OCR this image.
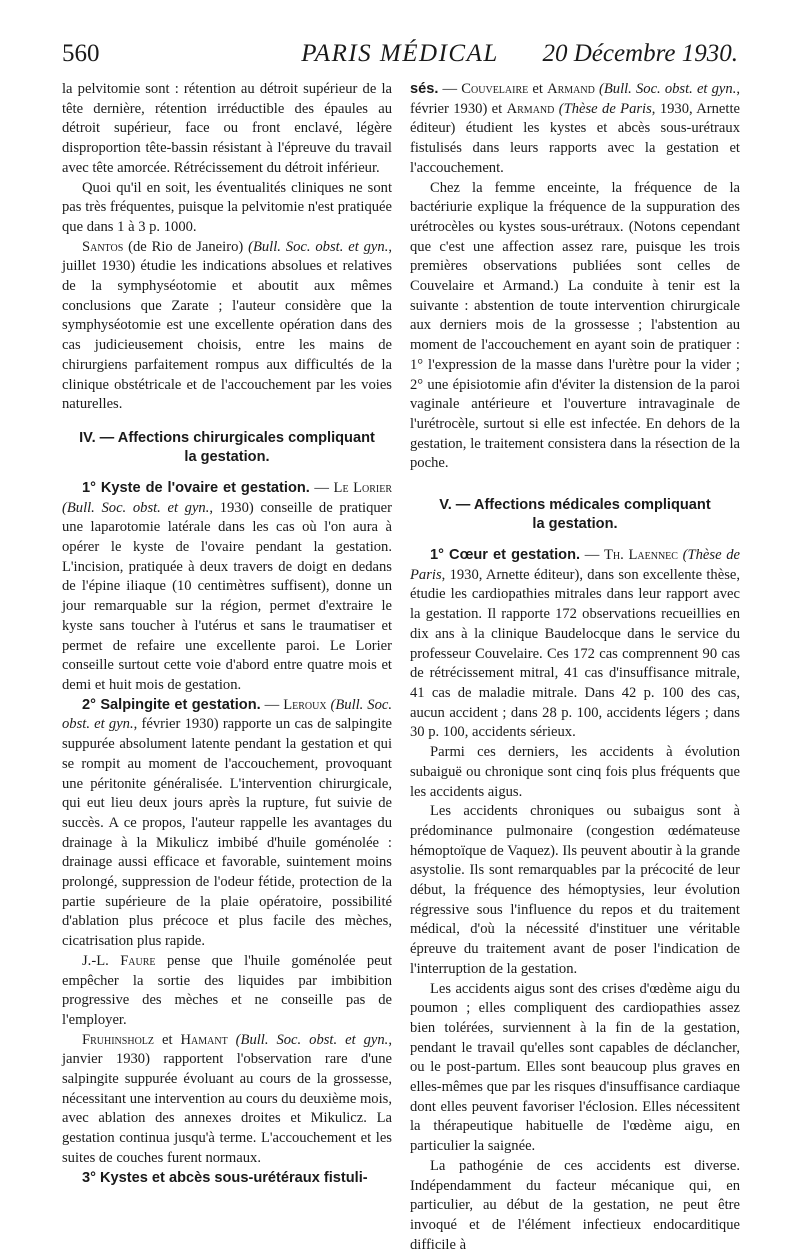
560	PARIS MÉDICAL	20 Décembre 1930.

la pelvitomie sont : rétention au détroit supérieur de la tête dernière, rétention irréductible des épaules au détroit supérieur, face ou front enclavé, légère disproportion tête-bassin résistant à l'épreuve du travail avec tête amorcée. Rétrécissement du détroit inférieur.

Quoi qu'il en soit, les éventualités cliniques ne sont pas très fréquentes, puisque la pelvitomie n'est pratiquée que dans 1 à 3 p. 1000.

Santos (de Rio de Janeiro) (Bull. Soc. obst. et gyn., juillet 1930) étudie les indications absolues et relatives de la symphyséotomie et aboutit aux mêmes conclusions que Zarate ; l'auteur considère que la symphyséotomie est une excellente opération dans des cas judicieusement choisis, entre les mains de chirurgiens parfaitement rompus aux difficultés de la clinique obstétricale et de l'accouchement par les voies naturelles.

IV. — Affections chirurgicales compliquant
la gestation.

1° Kyste de l'ovaire et gestation. — Le Lorier (Bull. Soc. obst. et gyn., 1930) conseille de pratiquer une laparotomie latérale dans les cas où l'on aura à opérer le kyste de l'ovaire pendant la gestation. L'incision, pratiquée à deux travers de doigt en dedans de l'épine iliaque (10 centimètres suffisent), donne un jour remarquable sur la région, permet d'extraire le kyste sans toucher à l'utérus et sans le traumatiser et permet de refaire une excellente paroi. Le Lorier conseille surtout cette voie d'abord entre quatre mois et demi et huit mois de gestation.

2° Salpingite et gestation. — Leroux (Bull. Soc. obst. et gyn., février 1930) rapporte un cas de salpingite suppurée absolument latente pendant la gestation et qui se rompit au moment de l'accouchement, provoquant une péritonite généralisée. L'intervention chirurgicale, qui eut lieu deux jours après la rupture, fut suivie de succès. A ce propos, l'auteur rappelle les avantages du drainage à la Mikulicz imbibé d'huile goménolée : drainage aussi efficace et favorable, suintement moins prolongé, suppression de l'odeur fétide, protection de la partie supérieure de la plaie opératoire, possibilité d'ablation plus précoce et plus facile des mèches, cicatrisation plus rapide.

J.-L. Faure pense que l'huile goménolée peut empêcher la sortie des liquides par imbibition progressive des mèches et ne conseille pas de l'employer.

Fruhinsholz et Hamant (Bull. Soc. obst. et gyn., janvier 1930) rapportent l'observation rare d'une salpingite suppurée évoluant au cours de la grossesse, nécessitant une intervention au cours du deuxième mois, avec ablation des annexes droites et Mikulicz. La gestation continua jusqu'à terme. L'accouchement et les suites de couches furent normaux.

3° Kystes et abcès sous-urétéraux fistuli-

sés. — Couvelaire et Armand (Bull. Soc. obst. et gyn., février 1930) et Armand (Thèse de Paris, 1930, Arnette éditeur) étudient les kystes et abcès sous-urétraux fistulisés dans leurs rapports avec la gestation et l'accouchement.

Chez la femme enceinte, la fréquence de la bactériurie explique la fréquence de la suppuration des urétrocèles ou kystes sous-urétraux. (Notons cependant que c'est une affection assez rare, puisque les trois premières observations publiées sont celles de Couvelaire et Armand.) La conduite à tenir est la suivante : abstention de toute intervention chirurgicale aux derniers mois de la grossesse ; l'abstention au moment de l'accouchement en ayant soin de pratiquer : 1° l'expression de la masse dans l'urètre pour la vider ; 2° une épisiotomie afin d'éviter la distension de la paroi vaginale antérieure et l'ouverture intravaginale de l'urétrocèle, surtout si elle est infectée. En dehors de la gestation, le traitement consistera dans la résection de la poche.

V. — Affections médicales compliquant
la gestation.

1° Cœur et gestation. — Th. Laennec (Thèse de Paris, 1930, Arnette éditeur), dans son excellente thèse, étudie les cardiopathies mitrales dans leur rapport avec la gestation. Il rapporte 172 observations recueillies en dix ans à la clinique Baudelocque dans le service du professeur Couvelaire. Ces 172 cas comprennent 90 cas de rétrécissement mitral, 41 cas d'insuffisance mitrale, 41 cas de maladie mitrale. Dans 42 p. 100 des cas, aucun accident ; dans 28 p. 100, accidents légers ; dans 30 p. 100, accidents sérieux.

Parmi ces derniers, les accidents à évolution subaiguë ou chronique sont cinq fois plus fréquents que les accidents aigus.

Les accidents chroniques ou subaigus sont à prédominance pulmonaire (congestion œdémateuse hémoptoïque de Vaquez). Ils peuvent aboutir à la grande asystolie. Ils sont remarquables par la précocité de leur début, la fréquence des hémoptysies, leur évolution régressive sous l'influence du repos et du traitement médical, d'où la nécessité d'instituer une véritable épreuve du traitement avant de poser l'indication de l'interruption de la gestation.

Les accidents aigus sont des crises d'œdème aigu du poumon ; elles compliquent des cardiopathies assez bien tolérées, surviennent à la fin de la gestation, pendant le travail qu'elles sont capables de déclancher, ou le post-partum. Elles sont beaucoup plus graves en elles-mêmes que par les risques d'insuffisance cardiaque dont elles peuvent favoriser l'éclosion. Elles nécessitent la thérapeutique habituelle de l'œdème aigu, en particulier la saignée.

La pathogénie de ces accidents est diverse. Indépendamment du facteur mécanique qui, en particulier, au début de la gestation, ne peut être invoqué et de l'élément infectieux endocarditique difficile à
